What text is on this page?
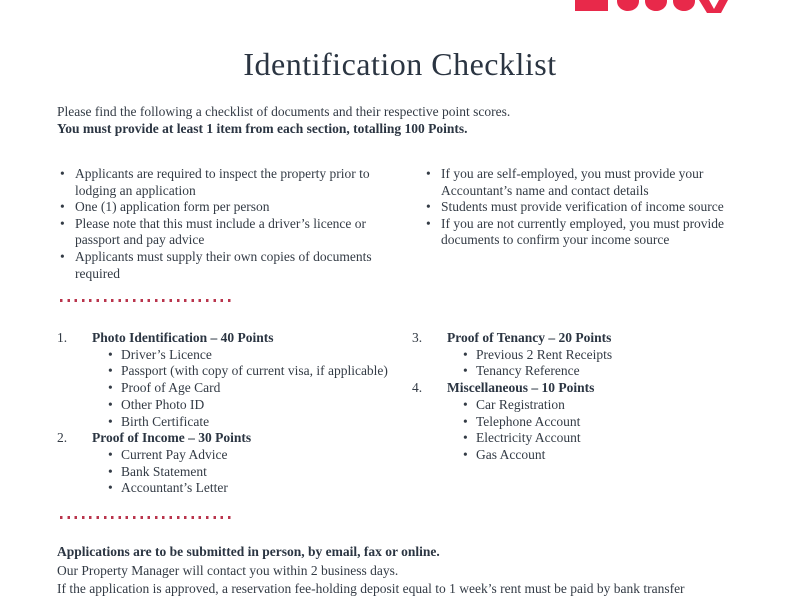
Identification Checklist
Please find the following a checklist of documents and their respective point scores.
You must provide at least 1 item from each section, totalling 100 Points.
• Applicants are required to inspect the property prior to lodging an application
• One (1) application form per person
• Please note that this must include a driver’s licence or passport and pay advice
• Applicants must supply their own copies of documents required
• If you are self-employed, you must provide your Accountant’s name and contact details
• Students must provide verification of income source
• If you are not currently employed, you must provide documents to confirm your income source
1.	Photo Identification – 40 Points
• Driver’s Licence
• Passport (with copy of current visa, if applicable)
• Proof of Age Card
• Other Photo ID
• Birth Certificate
2.	Proof of Income – 30 Points
• Current Pay Advice
• Bank Statement
• Accountant’s Letter
3.	Proof of Tenancy – 20 Points
• Previous 2 Rent Receipts
• Tenancy Reference
4.	Miscellaneous – 10 Points
• Car Registration
• Telephone Account
• Electricity Account
• Gas Account
Applications are to be submitted in person, by email, fax or online.
Our Property Manager will contact you within 2 business days.
If the application is approved, a reservation fee-holding deposit equal to 1 week’s rent must be paid by bank transfer
